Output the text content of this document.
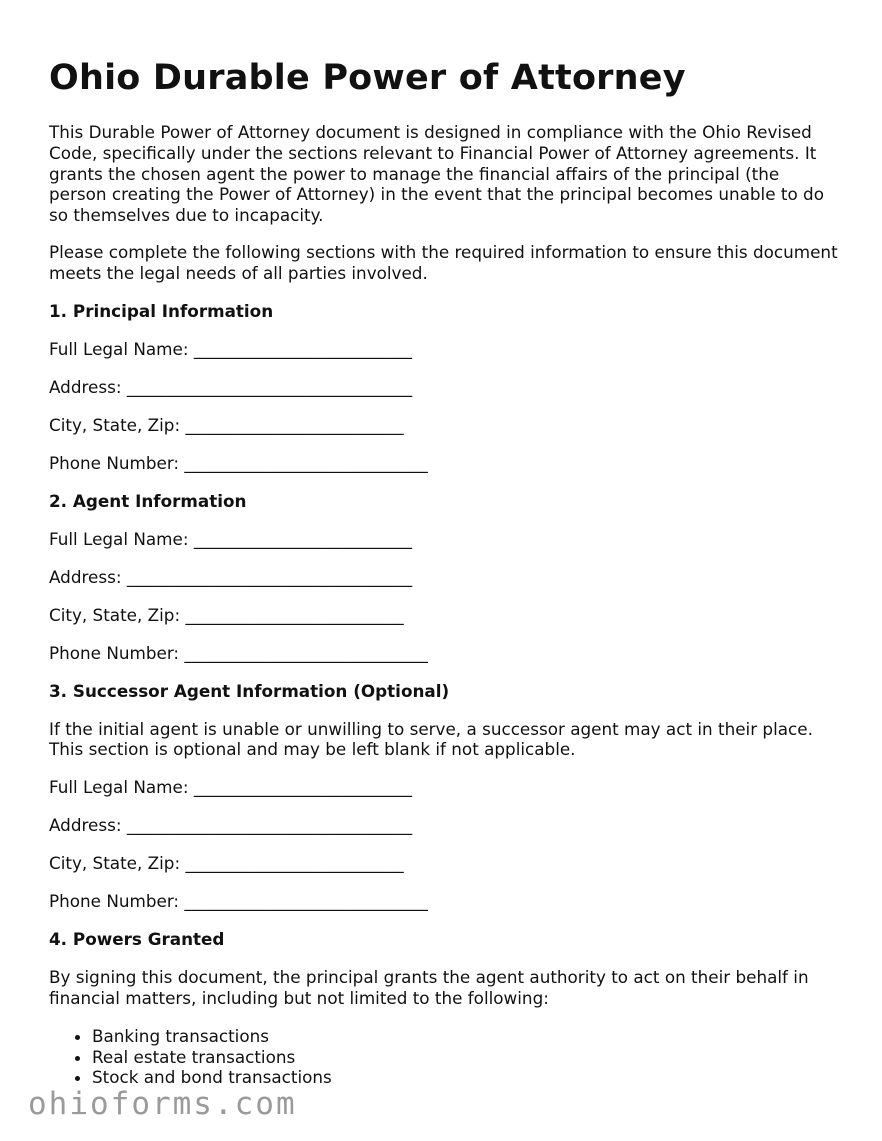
Ohio Durable Power of Attorney

This Durable Power of Attorney document is designed in compliance with the Ohio Revised Code, specifically under the sections relevant to Financial Power of Attorney agreements. It grants the chosen agent the power to manage the financial affairs of the principal (the person creating the Power of Attorney) in the event that the principal becomes unable to do so themselves due to incapacity.

Please complete the following sections with the required information to ensure this document meets the legal needs of all parties involved.

1. Principal Information
Full Legal Name: __________________________
Address: __________________________________
City, State, Zip: __________________________
Phone Number: _____________________________
2. Agent Information
Full Legal Name: __________________________
Address: __________________________________
City, State, Zip: __________________________
Phone Number: _____________________________
3. Successor Agent Information (Optional)

If the initial agent is unable or unwilling to serve, a successor agent may act in their place. This section is optional and may be left blank if not applicable.

Full Legal Name: __________________________
Address: __________________________________
City, State, Zip: __________________________
Phone Number: _____________________________
4. Powers Granted

By signing this document, the principal grants the agent authority to act on their behalf in financial matters, including but not limited to the following:

• Banking transactions
• Real estate transactions
• Stock and bond transactions
ohioforms.com
